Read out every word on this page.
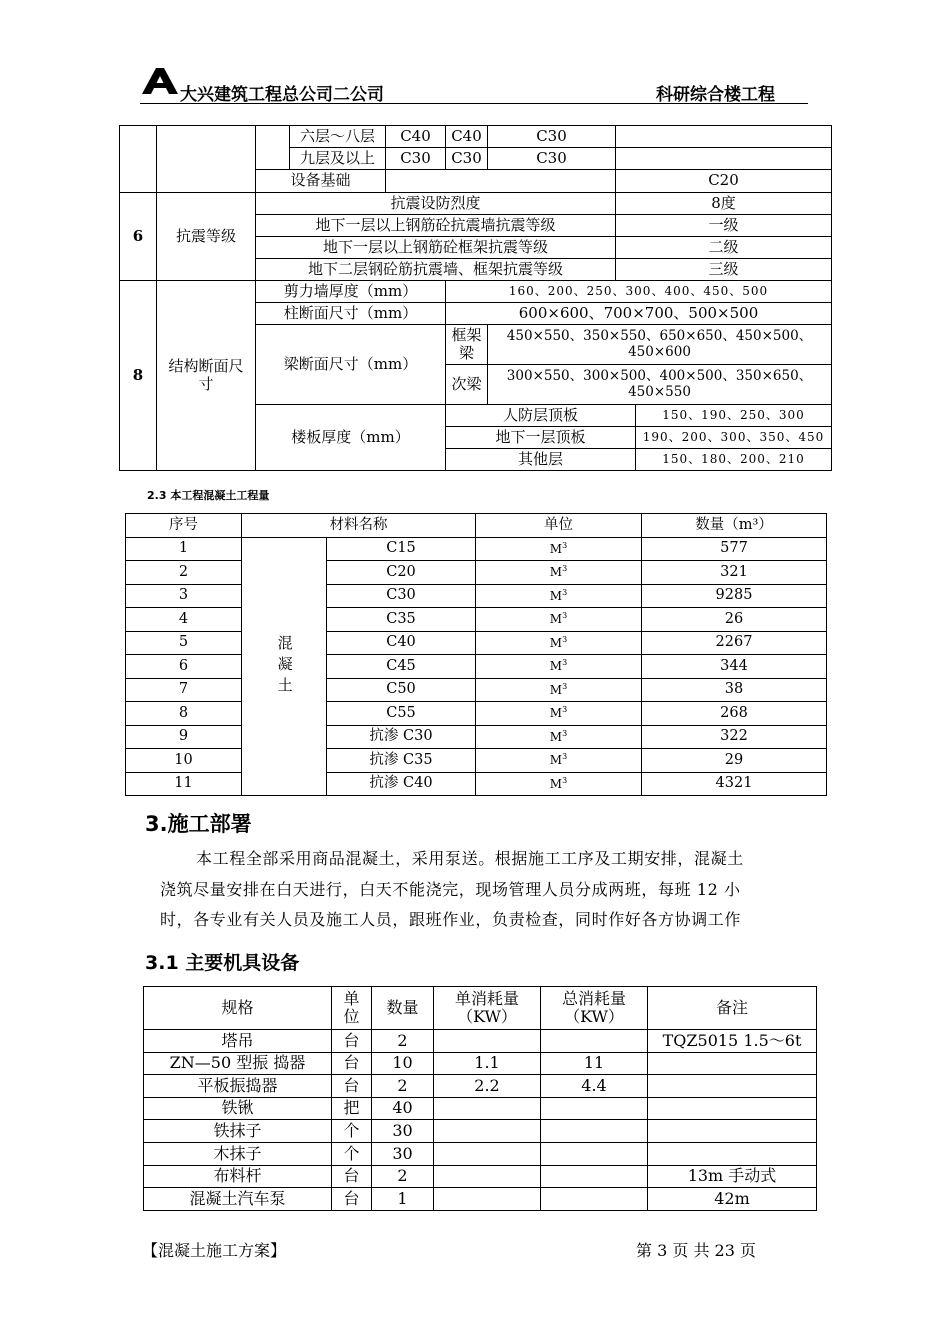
大兴建筑工程总公司二公司	科研综合楼工程
			六层～八层	C40	C40	C30		
			九层及以上	C30	C30	C30		
		设备基础					C20	
6	抗震等级	抗震设防烈度					8度	
		地下一层以上钢筋砼抗震墙抗震等级					一级	
		地下一层以上钢筋砼框架抗震等级					二级	
		地下二层钢砼筋抗震墙、框架抗震等级					三级	
8	结构断面尺寸	剪力墙厚度（mm）			160、200、250、300、400、450、500			
		柱断面尺寸（mm）			600×600、700×700、500×500			
		梁断面尺寸（mm）			框架梁	450×550、350×550、650×650、450×500、450×600		
					次梁	300×550、300×500、400×500、350×650、450×550		
		楼板厚度（mm）			人防层顶板			150、190、250、300
					地下一层顶板			190、200、300、350、450
					其他层			150、180、200、210
2.3 本工程混凝土工程量
序号	材料名称		单位	数量（m³）
1	混凝土	C15	$M^3$	577
2		C20	$M^3$	321
3		C30	$M^3$	9285
4		C35	$M^3$	26
5		C40	$M^3$	2267
6		C45	$M^3$	344
7		C50	$M^3$	38
8		C55	$M^3$	268
9		抗渗 C30	$M^3$	322
10		抗渗 C35	$M^3$	29
11		抗渗 C40	$M^3$	4321
3.施工部署
本工程全部采用商品混凝土，采用泵送。根据施工工序及工期安排，混凝土
浇筑尽量安排在白天进行，白天不能浇完，现场管理人员分成两班，每班 12 小
时，各专业有关人员及施工人员，跟班作业，负责检查，同时作好各方协调工作
3.1 主要机具设备
规格	单位	数量	单消耗量（KW）	总消耗量（KW）	备注
塔吊	台	2			TQZ5015 1.5～6t
ZN—50 型振 捣器	台	10	1.1	11	
平板振捣器	台	2	2.2	4.4	
铁锹	把	40			
铁抹子	个	30			
木抹子	个	30			
布料杆	台	2			13m 手动式
混凝土汽车泵	台	1			42m
【混凝土施工方案】	第 3 页 共 23 页
